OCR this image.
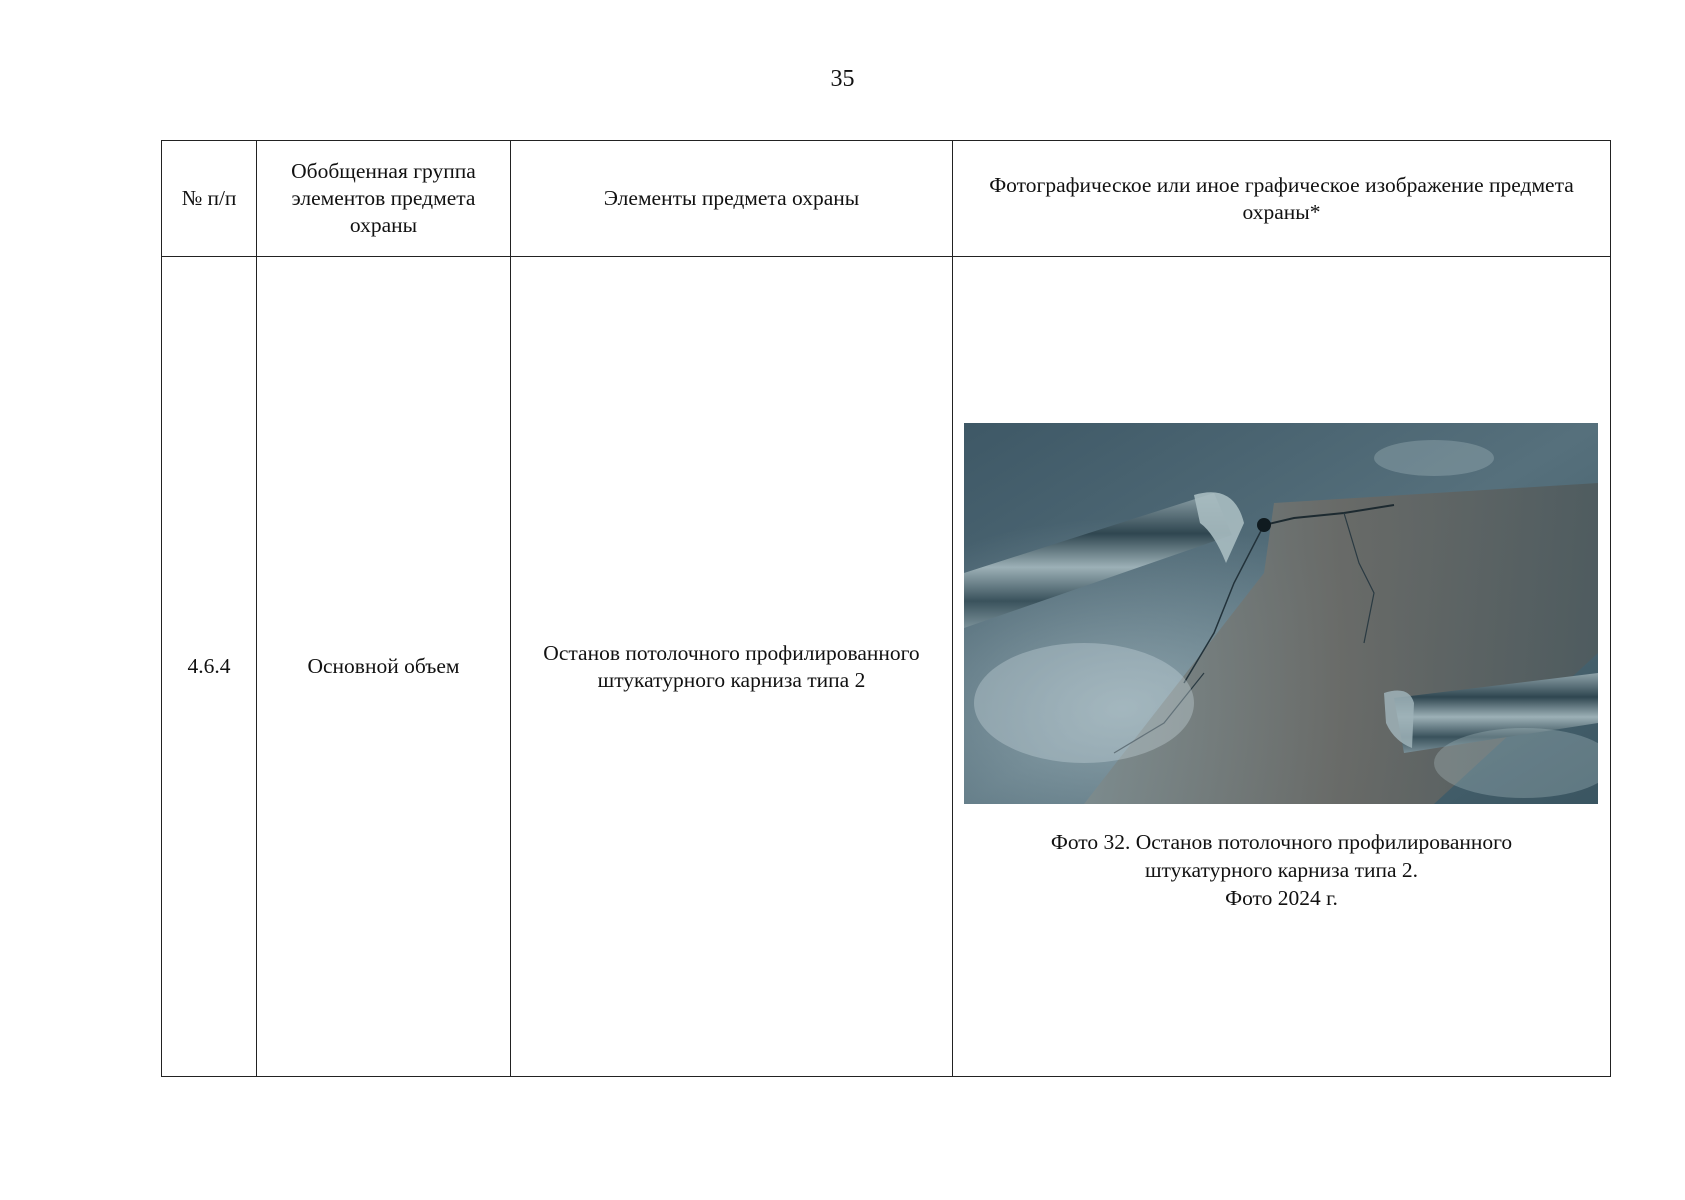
35
№ п/п	Обобщенная группа элементов предмета охраны	Элементы предмета охраны	Фотографическое или иное графическое изображение предмета охраны*
4.6.4	Основной объем	Останов потолочного профилированного штукатурного карниза типа 2	Фото 32. Останов потолочного профилированного
штукатурного карниза типа 2.
Фото 2024 г.
